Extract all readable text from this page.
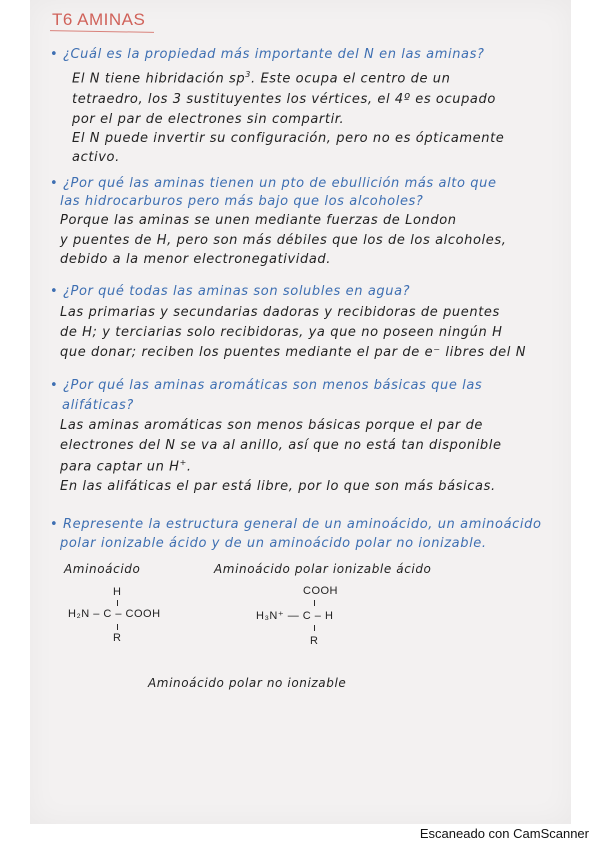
T6 AMINAS
• ¿Cuál es la propiedad más importante del N en las aminas?
El N tiene hibridación $sp^3$. Este ocupa el centro de un
tetraedro, los 3 sustituyentes los vértices, el 4º es ocupado
por el par de electrones sin compartir.
El N puede invertir su configuración, pero no es ópticamente
activo.
• ¿Por qué las aminas tienen un pto de ebullición más alto que
las hidrocarburos pero más bajo que los alcoholes?
Porque las aminas se unen mediante fuerzas de London
y puentes de H, pero son más débiles que los de los alcoholes,
debido a la menor electronegatividad.
• ¿Por qué todas las aminas son solubles en agua?
Las primarias y secundarias dadoras y recibidoras de puentes
de H; y terciarias solo recibidoras, ya que no poseen ningún H
que donar; reciben los puentes mediante el par de e⁻ libres del N
• ¿Por qué las aminas aromáticas son menos básicas que las
alifáticas?
Las aminas aromáticas son menos básicas porque el par de
electrones del N se va al anillo, así que no está tan disponible
para captar un H+.
En las alifáticas el par está libre, por lo que son más básicas.
• Represente la estructura general de un aminoácido, un aminoácido
polar ionizable ácido y de un aminoácido polar no ionizable.
Aminoácido	Aminoácido polar ionizable ácido
H
ı
H₂N – C – COOH
ı
R
COOH
ı
H₃N⁺ — C – H
ı
R
Aminoácido polar no ionizable
Escaneado con CamScanner
